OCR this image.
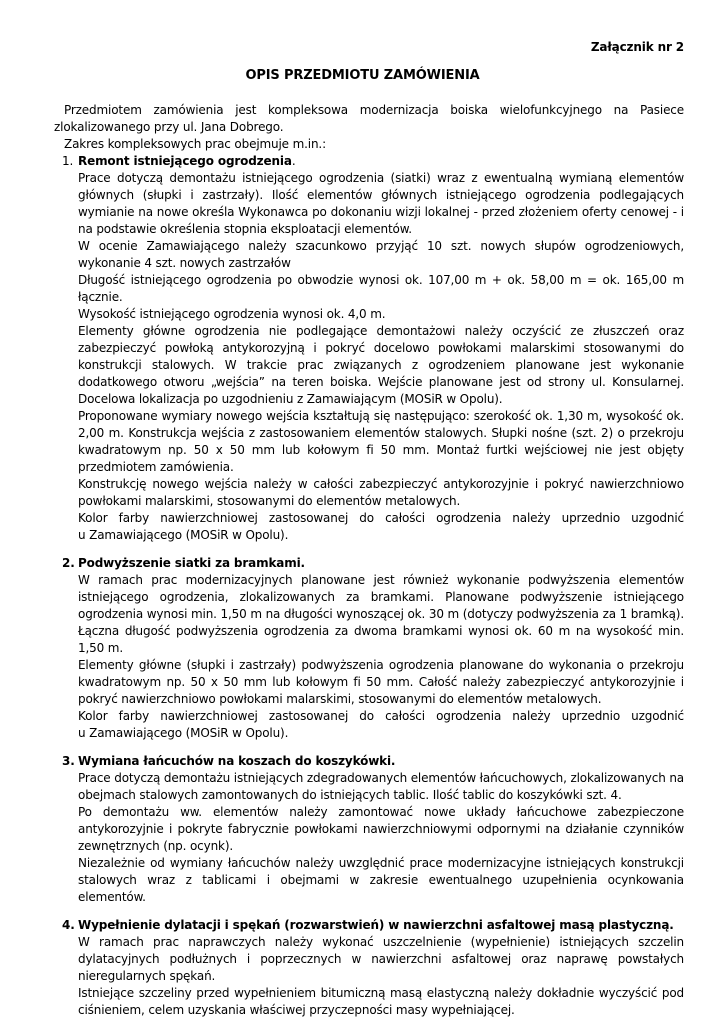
Załącznik nr 2
OPIS PRZEDMIOTU ZAMÓWIENIA

Przedmiotem zamówienia jest kompleksowa modernizacja boiska wielofunkcyjnego na Pasiece zlokalizowanego przy ul. Jana Dobrego.

Zakres kompleksowych prac obejmuje m.in.:

1. Remont istniejącego ogrodzenia.

Prace dotyczą demontażu istniejącego ogrodzenia (siatki) wraz z ewentualną wymianą elementów głównych (słupki i zastrzały). Ilość elementów głównych istniejącego ogrodzenia podlegających wymianie na nowe określa Wykonawca po dokonaniu wizji lokalnej - przed złożeniem oferty cenowej - i na podstawie określenia stopnia eksploatacji elementów.

W ocenie Zamawiającego należy szacunkowo przyjąć 10 szt. nowych słupów ogrodzeniowych, wykonanie 4 szt. nowych zastrzałów

Długość istniejącego ogrodzenia po obwodzie wynosi ok. 107,00 m + ok. 58,00 m = ok. 165,00 m łącznie.

Wysokość istniejącego ogrodzenia wynosi ok. 4,0 m.

Elementy główne ogrodzenia nie podlegające demontażowi należy oczyścić ze złuszczeń oraz zabezpieczyć powłoką antykorozyjną i pokryć docelowo powłokami malarskimi stosowanymi do konstrukcji stalowych. W trakcie prac związanych z ogrodzeniem planowane jest wykonanie dodatkowego otworu „wejścia” na teren boiska. Wejście planowane jest od strony ul. Konsularnej. Docelowa lokalizacja po uzgodnieniu z Zamawiającym (MOSiR w Opolu).

Proponowane wymiary nowego wejścia kształtują się następująco: szerokość ok. 1,30 m, wysokość ok. 2,00 m. Konstrukcja wejścia z zastosowaniem elementów stalowych. Słupki nośne (szt. 2) o przekroju kwadratowym np. 50 x 50 mm lub kołowym fi 50 mm. Montaż furtki wejściowej nie jest objęty przedmiotem zamówienia.

Konstrukcję nowego wejścia należy w całości zabezpieczyć antykorozyjnie i pokryć nawierzchniowo powłokami malarskimi, stosowanymi do elementów metalowych.

Kolor farby nawierzchniowej zastosowanej do całości ogrodzenia należy uprzednio uzgodnić u Zamawiającego (MOSiR w Opolu).

2. Podwyższenie siatki za bramkami.

W ramach prac modernizacyjnych planowane jest również wykonanie podwyższenia elementów istniejącego ogrodzenia, zlokalizowanych za bramkami. Planowane podwyższenie istniejącego ogrodzenia wynosi min. 1,50 m na długości wynoszącej ok. 30 m (dotyczy podwyższenia za 1 bramką). Łączna długość podwyższenia ogrodzenia za dwoma bramkami wynosi ok. 60 m na wysokość min. 1,50 m.

Elementy główne (słupki i zastrzały) podwyższenia ogrodzenia planowane do wykonania o przekroju kwadratowym np. 50 x 50 mm lub kołowym fi 50 mm. Całość należy zabezpieczyć antykorozyjnie i pokryć nawierzchniowo powłokami malarskimi, stosowanymi do elementów metalowych.

Kolor farby nawierzchniowej zastosowanej do całości ogrodzenia należy uprzednio uzgodnić u Zamawiającego (MOSiR w Opolu).

3. Wymiana łańcuchów na koszach do koszykówki.

Prace dotyczą demontażu istniejących zdegradowanych elementów łańcuchowych, zlokalizowanych na obejmach stalowych zamontowanych do istniejących tablic. Ilość tablic do koszykówki szt. 4.

Po demontażu ww. elementów należy zamontować nowe układy łańcuchowe zabezpieczone antykorozyjnie i pokryte fabrycznie powłokami nawierzchniowymi odpornymi na działanie czynników zewnętrznych (np. ocynk).

Niezależnie od wymiany łańcuchów należy uwzględnić prace modernizacyjne istniejących konstrukcji stalowych wraz z tablicami i obejmami w zakresie ewentualnego uzupełnienia ocynkowania elementów.

4. Wypełnienie dylatacji i spękań (rozwarstwień) w nawierzchni asfaltowej masą plastyczną.

W ramach prac naprawczych należy wykonać uszczelnienie (wypełnienie) istniejących szczelin dylatacyjnych podłużnych i poprzecznych w nawierzchni asfaltowej oraz naprawę powstałych nieregularnych spękań.

Istniejące szczeliny przed wypełnieniem bitumiczną masą elastyczną należy dokładnie wyczyścić pod ciśnieniem, celem uzyskania właściwej przyczepności masy wypełniającej.
